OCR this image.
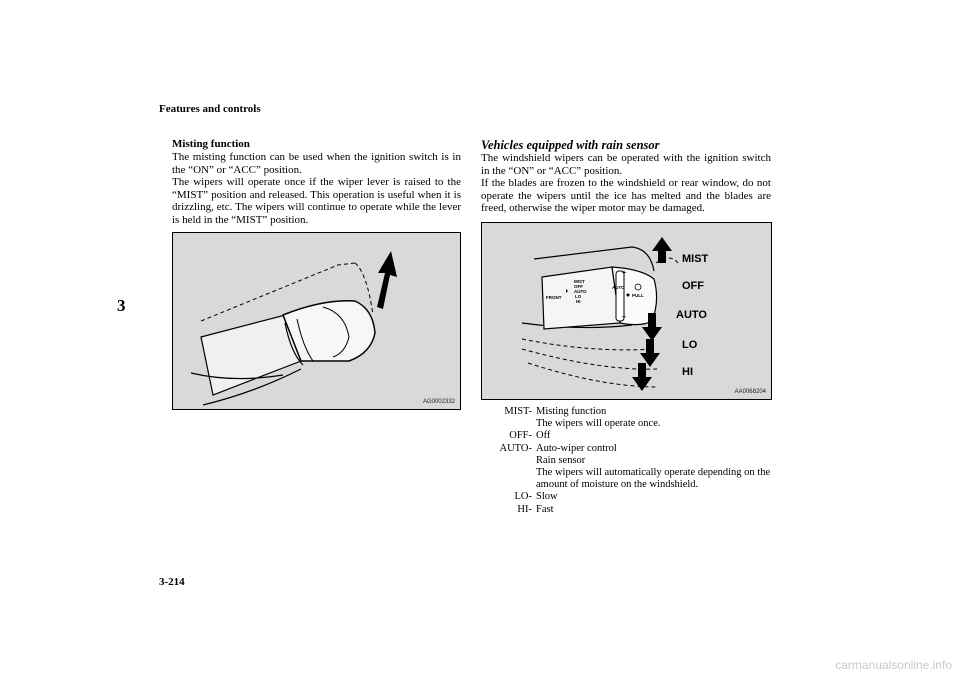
Features and controls
3
Misting function

The misting function can be used when the ignition switch is in the “ON” or “ACC” position.

The wipers will operate once if the wiper lever is raised to the “MIST” position and released. This operation is useful when it is drizzling, etc. The wipers will continue to operate while the lever is held in the “MIST” position.

AG0002332
Vehicles equipped with rain sensor

The windshield wipers can be operated with the ignition switch in the “ON” or “ACC” position.

If the blades are frozen to the windshield or rear window, do not operate the wipers until the ice has melted and the blades are freed, otherwise the wiper motor may be damaged.

FRONT
MIST
OFF
AUTO
LO
HI
AUTO
PULL
+
–
MIST
OFF
AUTO
LO
HI
AA0068204
MIST- Misting function
The wipers will operate once.
OFF- Off
AUTO- Auto-wiper control
Rain sensor
The wipers will automatically operate depending on the amount of moisture on the windshield.
LO- Slow
HI- Fast
3-214
carmanualsonline.info
